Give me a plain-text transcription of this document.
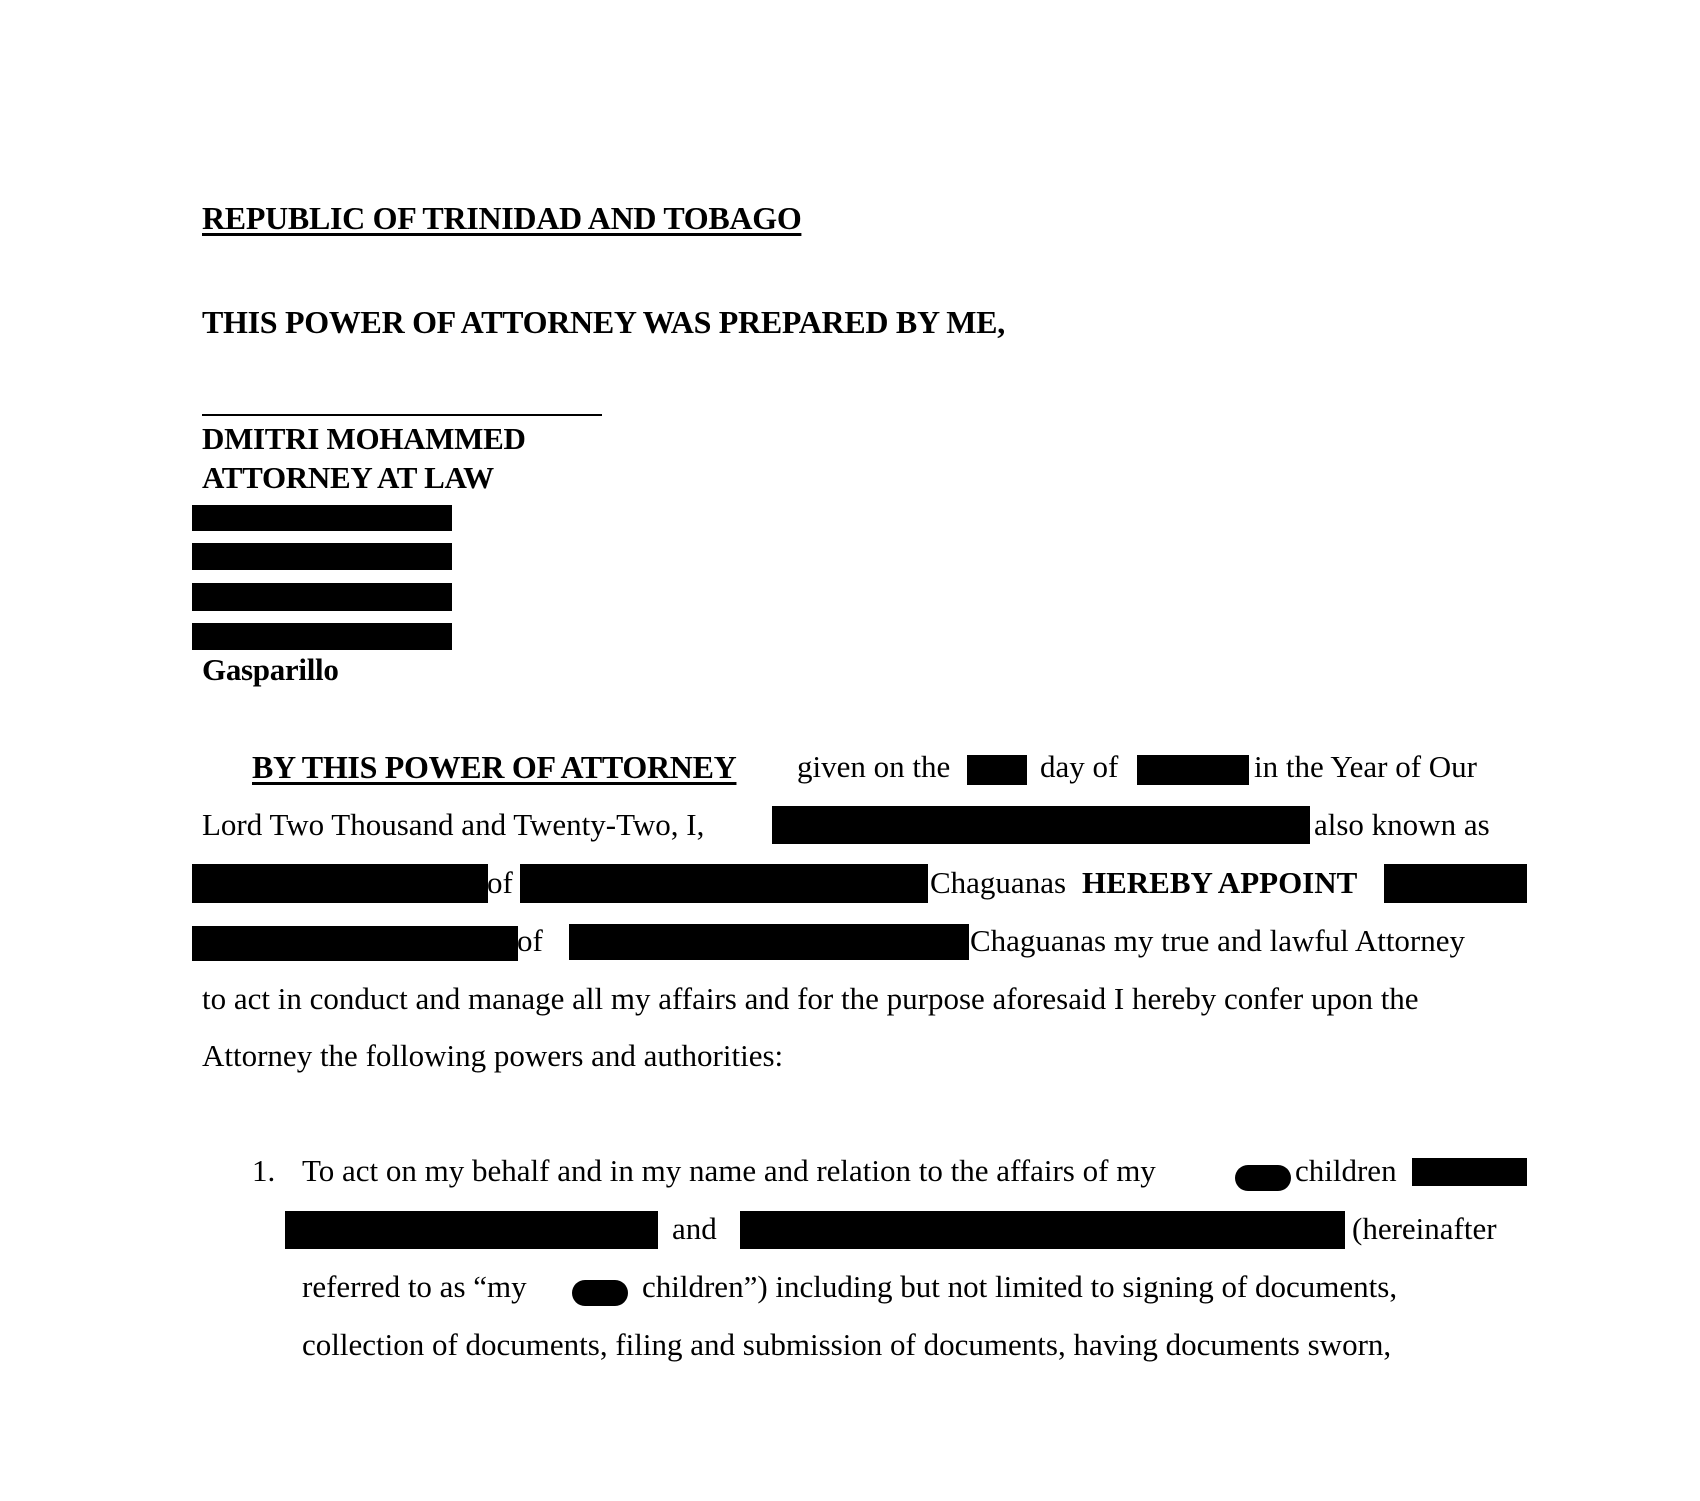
REPUBLIC OF TRINIDAD AND TOBAGO
THIS POWER OF ATTORNEY WAS PREPARED BY ME,
DMITRI MOHAMMED
ATTORNEY AT LAW
Gasparillo
BY THIS POWER OF ATTORNEY given on the	day of	in the Year of Our
Lord Two Thousand and Twenty-Two, I,	also known as
of	Chaguanas HEREBY APPOINT
of	Chaguanas my true and lawful Attorney
to act in conduct and manage all my affairs and for the purpose aforesaid I hereby confer upon the
Attorney the following powers and authorities:
1. To act on my behalf and in my name and relation to the affairs of my	children
and	(hereinafter
referred to as “my	children”) including but not limited to signing of documents,
collection of documents, filing and submission of documents, having documents sworn,
